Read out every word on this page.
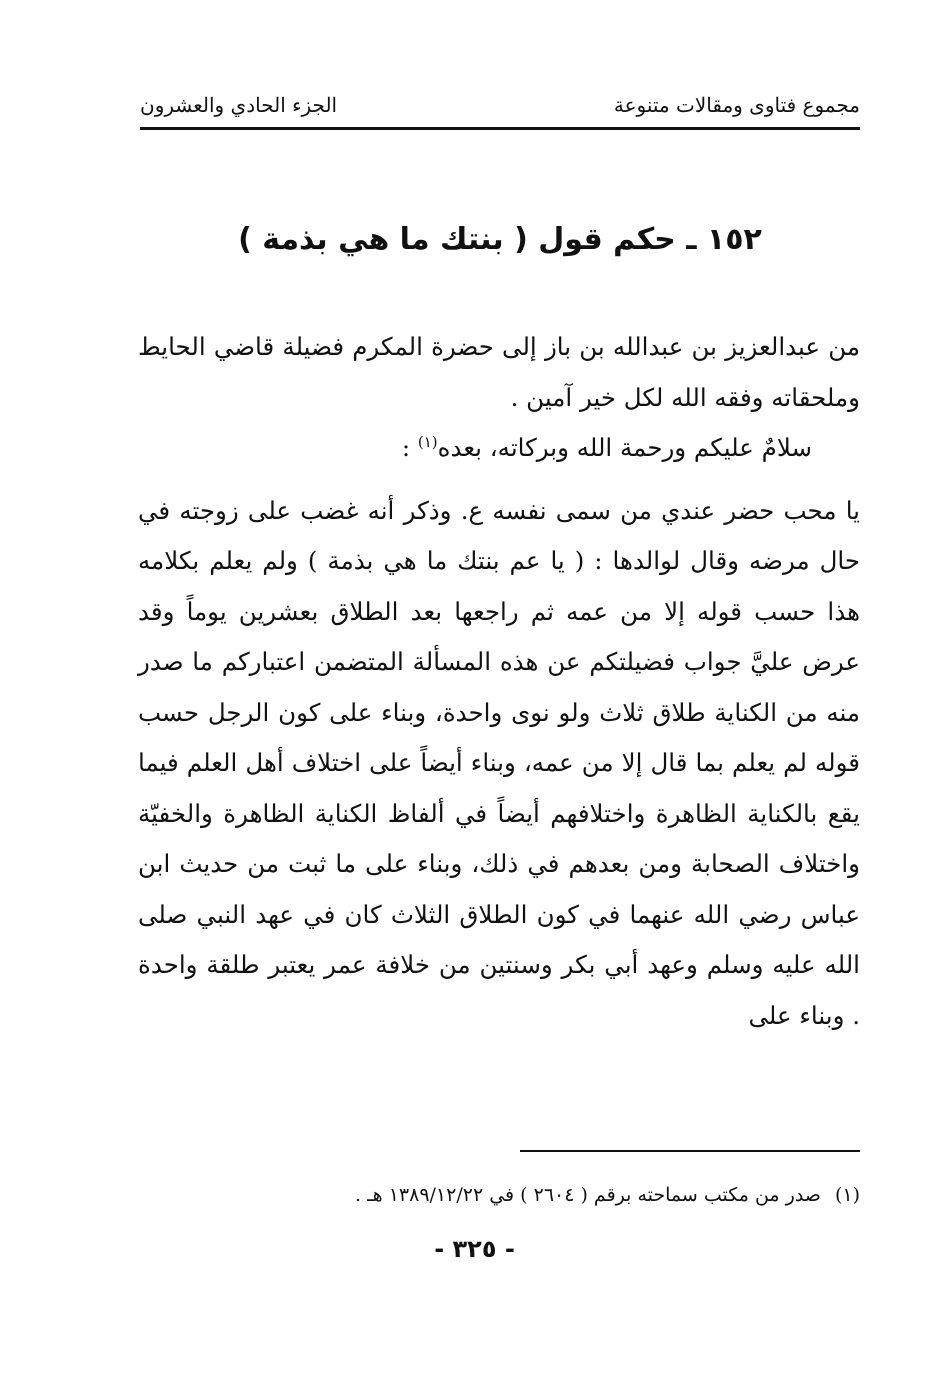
مجموع فتاوى ومقالات متنوعة
الجزء الحادي والعشرون
١٥٢ ـ حكم قول ( بنتك ما هي بذمة )

من عبدالعزيز بن عبدالله بن باز إلى حضرة المكرم فضيلة قاضي الحايط وملحقاته وفقه الله لكل خير آمين .

سلامٌ عليكم ورحمة الله وبركاته، بعده$^{(١)}$ :

يا محب حضر عندي من سمى نفسه ع. وذكر أنه غضب على زوجته في حال مرضه وقال لوالدها : ( يا عم بنتك ما هي بذمة ) ولم يعلم بكلامه هذا حسب قوله إلا من عمه ثم راجعها بعد الطلاق بعشرين يوماً وقد عرض عليَّ جواب فضيلتكم عن هذه المسألة المتضمن اعتباركم ما صدر منه من الكناية طلاق ثلاث ولو نوى واحدة، وبناء على كون الرجل حسب قوله لم يعلم بما قال إلا من عمه، وبناء أيضاً على اختلاف أهل العلم فيما يقع بالكناية الظاهرة واختلافهم أيضاً في ألفاظ الكناية الظاهرة والخفيّة واختلاف الصحابة ومن بعدهم في ذلك، وبناء على ما ثبت من حديث ابن عباس رضي الله عنهما في كون الطلاق الثلاث كان في عهد النبي صلى الله عليه وسلم وعهد أبي بكر وسنتين من خلافة عمر يعتبر طلقة واحدة . وبناء على

(١)
صدر من مكتب سماحته برقم ( ٢٦٠٤ ) في ١٣٨٩/١٢/٢٢ هـ .
- ٣٢٥ -
